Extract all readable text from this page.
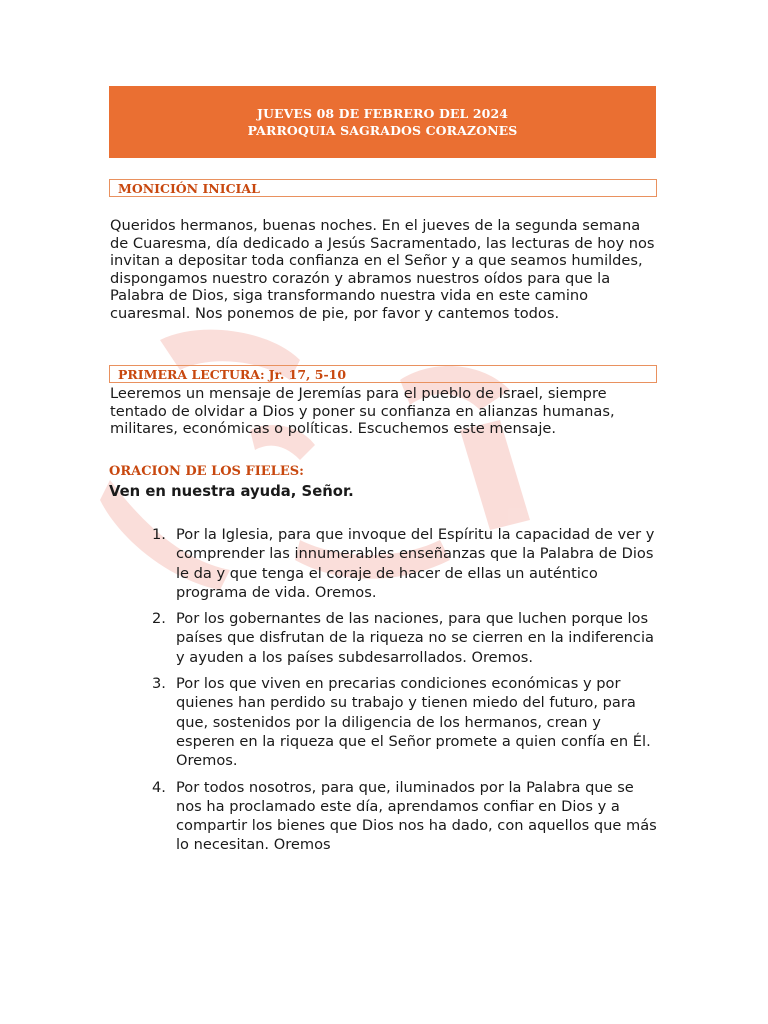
JUEVES 08 DE FEBRERO DEL 2024
PARROQUIA SAGRADOS CORAZONES
MONICIÓN INICIAL

Queridos hermanos, buenas noches. En el jueves de la segunda semana de Cuaresma, día dedicado a Jesús Sacramentado, las lecturas de hoy nos invitan a depositar toda confianza en el Señor y a que seamos humildes, dispongamos nuestro corazón y abramos nuestros oídos para que la Palabra de Dios, siga transformando nuestra vida en este camino cuaresmal. Nos ponemos de pie, por favor y cantemos todos.

PRIMERA LECTURA: Jr. 17, 5-10

Leeremos un mensaje de Jeremías para el pueblo de Israel, siempre tentado de olvidar a Dios y poner su confianza en alianzas humanas, militares, económicas o políticas. Escuchemos este mensaje.

ORACION DE LOS FIELES:
Ven en nuestra ayuda, Señor.
1. Por la Iglesia, para que invoque del Espíritu la capacidad de ver y comprender las innumerables enseñanzas que la Palabra de Dios le da y que tenga el coraje de hacer de ellas un auténtico programa de vida. Oremos.
2. Por los gobernantes de las naciones, para que luchen porque los países que disfrutan de la riqueza no se cierren en la indiferencia y ayuden a los países subdesarrollados. Oremos.
3. Por los que viven en precarias condiciones económicas y por quienes han perdido su trabajo y tienen miedo del futuro, para que, sostenidos por la diligencia de los hermanos, crean y esperen en la riqueza que el Señor promete a quien confía en Él. Oremos.
4. Por todos nosotros, para que, iluminados por la Palabra que se nos ha proclamado este día, aprendamos confiar en Dios y a compartir los bienes que Dios nos ha dado, con aquellos que más lo necesitan. Oremos
